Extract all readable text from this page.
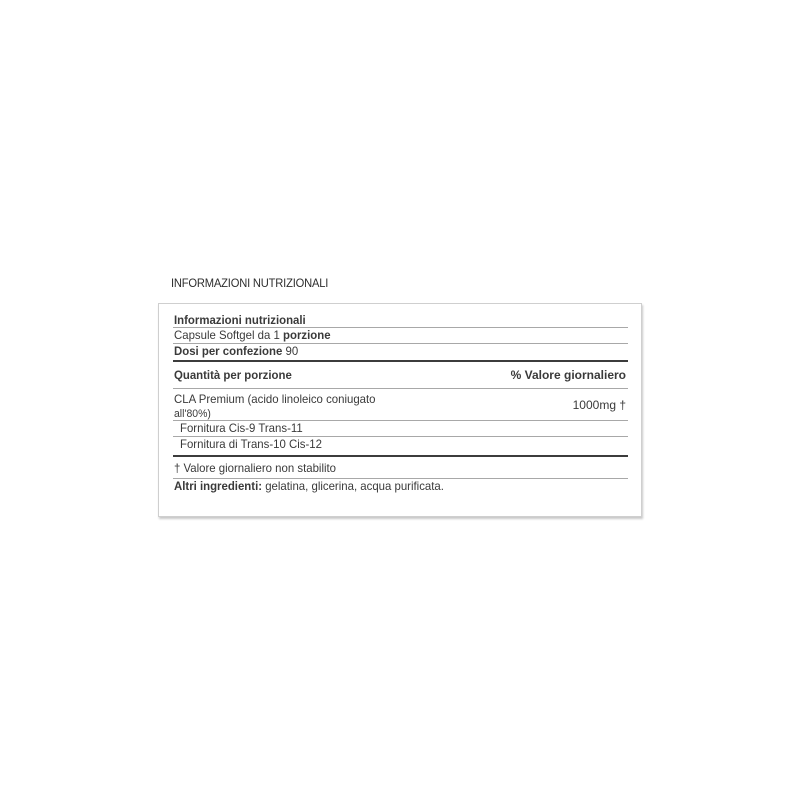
INFORMAZIONI NUTRIZIONALI
Informazioni nutrizionali
Capsule Softgel da 1 porzione
Dosi per confezione 90
Quantità per porzione	% Valore giornaliero
CLA Premium (acido linoleico coniugato
all'80%)
1000mg †
Fornitura Cis-9 Trans-11
Fornitura di Trans-10 Cis-12
† Valore giornaliero non stabilito
Altri ingredienti: gelatina, glicerina, acqua purificata.
